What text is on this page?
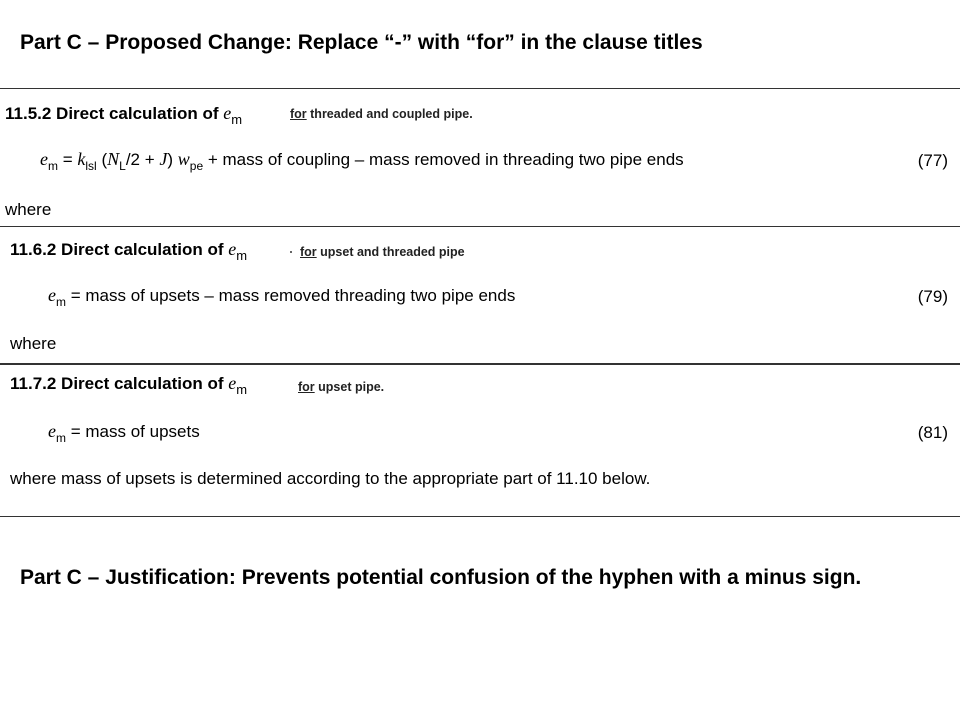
Part C – Proposed Change: Replace “-” with “for” in the clause titles
11.5.2 Direct calculation of $e_m$	for threaded and coupled pipe.
$e_m = k_{lsl}$ $(N_L/2 + J) w_{pe}$ + mass of coupling – mass removed in threading two pipe ends	(77)
where
11.6.2 Direct calculation of $e_m$	for upset and threaded pipe
$e_m$ = mass of upsets – mass removed threading two pipe ends	(79)
where
11.7.2 Direct calculation of $e_m$	for upset pipe.
$e_m$ = mass of upsets	(81)
where mass of upsets is determined according to the appropriate part of 11.10 below.
Part C – Justification: Prevents potential confusion of the hyphen with a minus sign.
